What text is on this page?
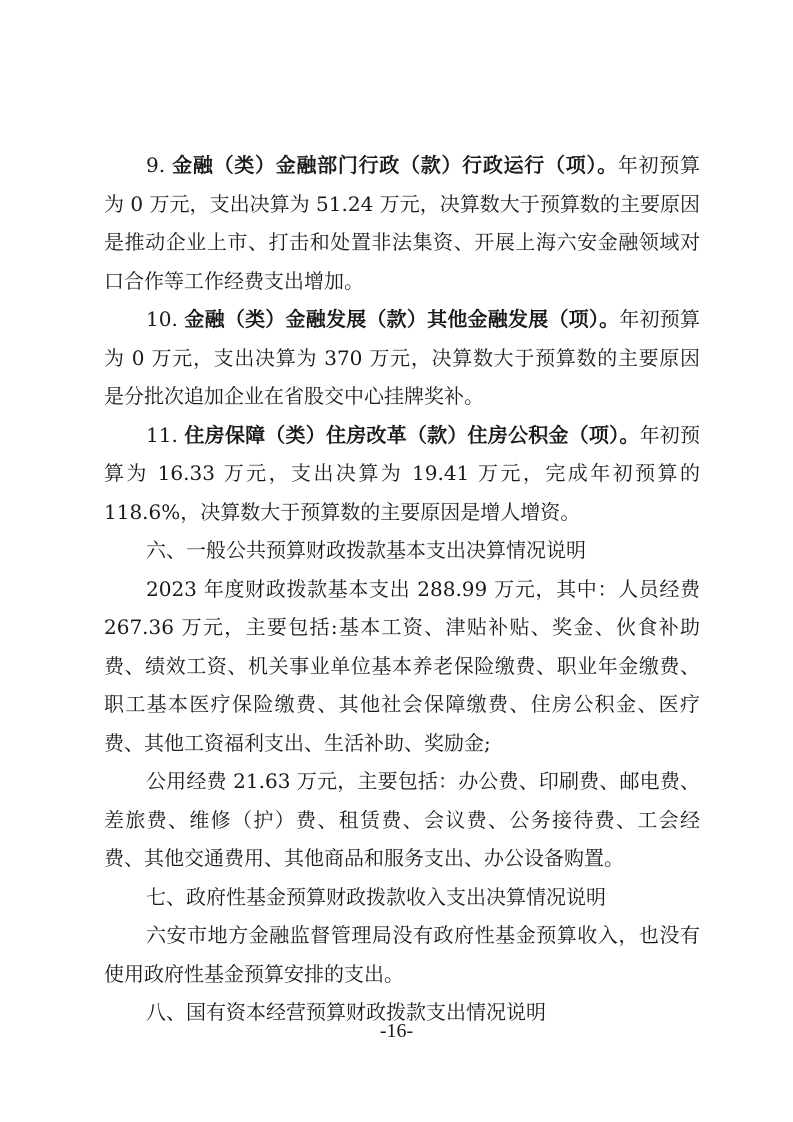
9. 金融（类）金融部门行政（款）行政运行（项）。年初预算为 0 万元，支出决算为 51.24 万元，决算数大于预算数的主要原因是推动企业上市、打击和处置非法集资、开展上海六安金融领域对口合作等工作经费支出增加。

10. 金融（类）金融发展（款）其他金融发展（项）。年初预算为 0 万元，支出决算为 370 万元，决算数大于预算数的主要原因是分批次追加企业在省股交中心挂牌奖补。

11. 住房保障（类）住房改革（款）住房公积金（项）。年初预算为 16.33 万元，支出决算为 19.41 万元，完成年初预算的 118.6%，决算数大于预算数的主要原因是增人增资。

六、一般公共预算财政拨款基本支出决算情况说明

2023 年度财政拨款基本支出 288.99 万元，其中：人员经费 267.36 万元，主要包括:基本工资、津贴补贴、奖金、伙食补助费、绩效工资、机关事业单位基本养老保险缴费、职业年金缴费、职工基本医疗保险缴费、其他社会保障缴费、住房公积金、医疗费、其他工资福利支出、生活补助、奖励金;

公用经费 21.63 万元，主要包括：办公费、印刷费、邮电费、差旅费、维修（护）费、租赁费、会议费、公务接待费、工会经费、其他交通费用、其他商品和服务支出、办公设备购置。

七、政府性基金预算财政拨款收入支出决算情况说明

六安市地方金融监督管理局没有政府性基金预算收入，也没有使用政府性基金预算安排的支出。

八、国有资本经营预算财政拨款支出情况说明

-16-
